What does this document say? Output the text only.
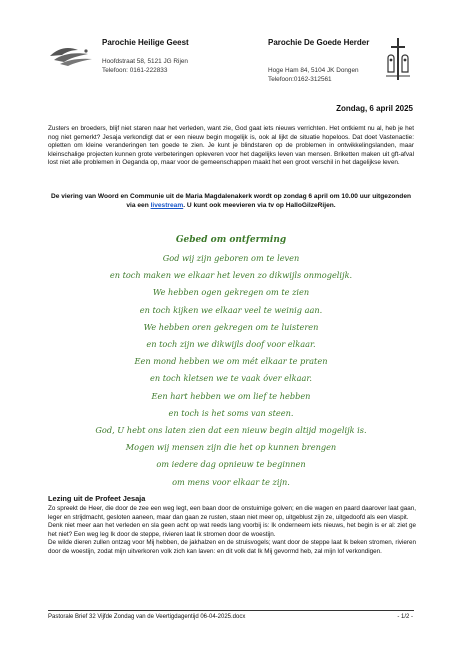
Parochie Heilige Geest
Hoofdstraat 58, 5121 JG Rijen
Telefoon: 0161-222833
Parochie De Goede Herder
Hoge Ham 84, 5104 JK Dongen
Telefoon:0162-312561
Zondag, 6 april 2025

Zusters en broeders, blijf niet staren naar het verleden, want zie, God gaat iets nieuws verrichten. Het ontkiemt nu al, heb je het nog niet gemerkt? Jesaja verkondigt dat er een nieuw begin mogelijk is, ook al lijkt de situatie hopeloos. Dat doet Vastenactie: opletten om kleine veranderingen ten goede te zien. Je kunt je blindstaren op de problemen in ontwikkelingslanden, maar kleinschalige projecten kunnen grote verbeteringen opleveren voor het dagelijks leven van mensen. Briketten maken uit gft-afval lost niet alle problemen in Oeganda op, maar voor de gemeenschappen maakt het een groot verschil in het dagelijkse leven.

De viering van Woord en Communie uit de Maria Magdalenakerk wordt op zondag 6 april om 10.00 uur uitgezonden via een livestream. U kunt ook meevieren via tv op HalloGilzeRijen.
Gebed om ontferming
God wij zijn geboren om te leven
en toch maken we elkaar het leven zo dikwijls onmogelijk.
We hebben ogen gekregen om te zien
en toch kijken we elkaar veel te weinig aan.
We hebben oren gekregen om te luisteren
en toch zijn we dikwijls doof voor elkaar.
Een mond hebben we om mét elkaar te praten
en toch kletsen we te vaak óver elkaar.
Een hart hebben we om lief te hebben
en toch is het soms van steen.
God, U hebt ons laten zien dat een nieuw begin altijd mogelijk is.
Mogen wij mensen zijn die het op kunnen brengen
om iedere dag opnieuw te beginnen
om mens voor elkaar te zijn.
Lezing uit de Profeet Jesaja

Zo spreekt de Heer, die door de zee een weg legt, een baan door de onstuimige golven; en die wagen en paard daarover laat gaan, leger en strijdmacht, gesloten aaneen, maar dan gaan ze rusten, staan niet meer op, uitgeblust zijn ze, uitgedoofd als een vlaspit.

Denk niet meer aan het verleden en sla geen acht op wat reeds lang voorbij is: Ik onderneem iets nieuws, het begin is er al: ziet ge het niet? Een weg leg Ik door de steppe, rivieren laat Ik stromen door de woestijn.

De wilde dieren zullen ontzag voor Mij hebben, de jakhalzen en de struisvogels; want door de steppe laat Ik beken stromen, rivieren door de woestijn, zodat mijn uitverkoren volk zich kan laven: en dit volk dat Ik Mij gevormd heb, zal mijn lof verkondigen.

Pastorale Brief 32 Vijfde Zondag van de Veertigdagentijd 06-04-2025.docx	- 1/2 -
